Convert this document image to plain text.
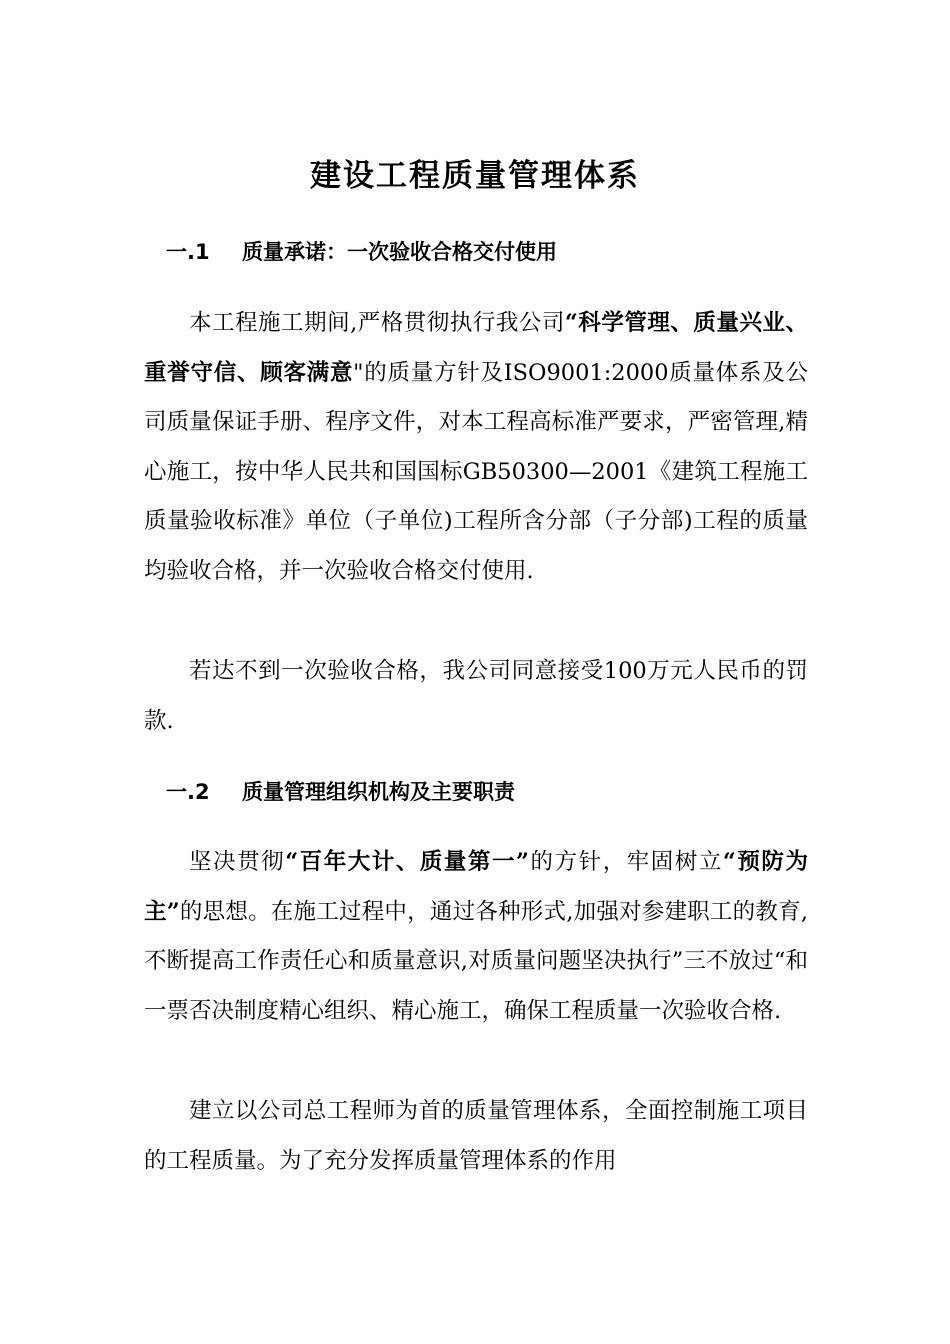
建设工程质量管理体系
一.1 质量承诺：一次验收合格交付使用

本工程施工期间,严格贯彻执行我公司“科学管理、质量兴业、重誉守信、顾客满意"的质量方针及ISO9001:2000质量体系及公司质量保证手册、程序文件，对本工程高标准严要求，严密管理,精心施工，按中华人民共和国国标GB50300—2001《建筑工程施工质量验收标准》单位（子单位)工程所含分部（子分部)工程的质量均验收合格，并一次验收合格交付使用.

若达不到一次验收合格，我公司同意接受100万元人民币的罚款.

一.2 质量管理组织机构及主要职责

坚决贯彻“百年大计、质量第一”的方针，牢固树立“预防为主”的思想。在施工过程中，通过各种形式,加强对参建职工的教育,不断提高工作责任心和质量意识,对质量问题坚决执行”三不放过“和一票否决制度精心组织、精心施工，确保工程质量一次验收合格.

建立以公司总工程师为首的质量管理体系，全面控制施工项目的工程质量。为了充分发挥质量管理体系的作用
